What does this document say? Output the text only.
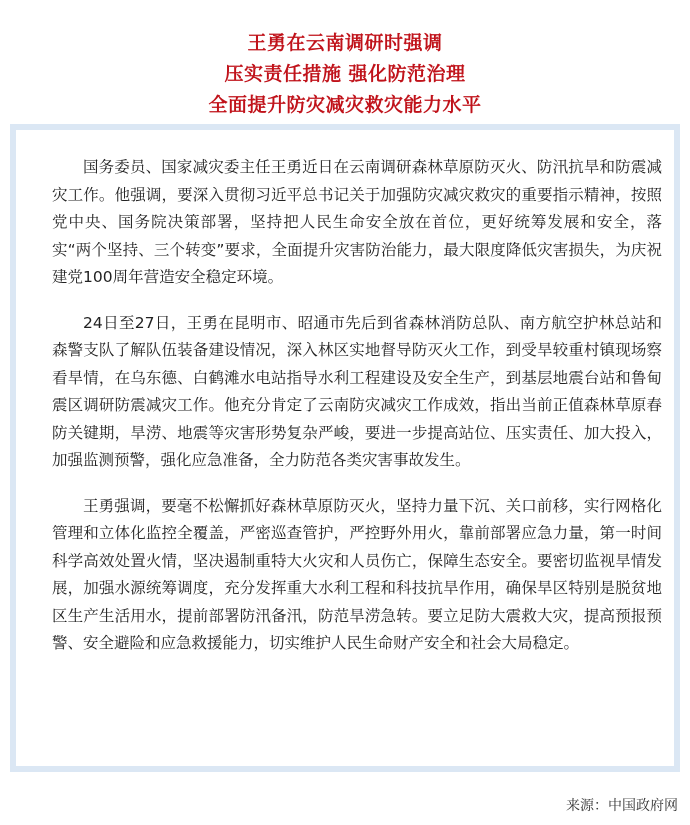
王勇在云南调研时强调
压实责任措施 强化防范治理
全面提升防灾减灾救灾能力水平

国务委员、国家减灾委主任王勇近日在云南调研森林草原防灭火、防汛抗旱和防震减灾工作。他强调，要深入贯彻习近平总书记关于加强防灾减灾救灾的重要指示精神，按照党中央、国务院决策部署，坚持把人民生命安全放在首位，更好统筹发展和安全，落实“两个坚持、三个转变”要求，全面提升灾害防治能力，最大限度降低灾害损失，为庆祝建党100周年营造安全稳定环境。

24日至27日，王勇在昆明市、昭通市先后到省森林消防总队、南方航空护林总站和森警支队了解队伍装备建设情况，深入林区实地督导防灭火工作，到受旱较重村镇现场察看旱情，在乌东德、白鹤滩水电站指导水利工程建设及安全生产，到基层地震台站和鲁甸震区调研防震减灾工作。他充分肯定了云南防灾减灾工作成效，指出当前正值森林草原春防关键期，旱涝、地震等灾害形势复杂严峻，要进一步提高站位、压实责任、加大投入，加强监测预警，强化应急准备，全力防范各类灾害事故发生。

王勇强调，要毫不松懈抓好森林草原防灭火，坚持力量下沉、关口前移，实行网格化管理和立体化监控全覆盖，严密巡查管护，严控野外用火，靠前部署应急力量，第一时间科学高效处置火情，坚决遏制重特大火灾和人员伤亡，保障生态安全。要密切监视旱情发展，加强水源统筹调度，充分发挥重大水利工程和科技抗旱作用，确保旱区特别是脱贫地区生产生活用水，提前部署防汛备汛，防范旱涝急转。要立足防大震救大灾，提高预报预警、安全避险和应急救援能力，切实维护人民生命财产安全和社会大局稳定。

来源：中国政府网
